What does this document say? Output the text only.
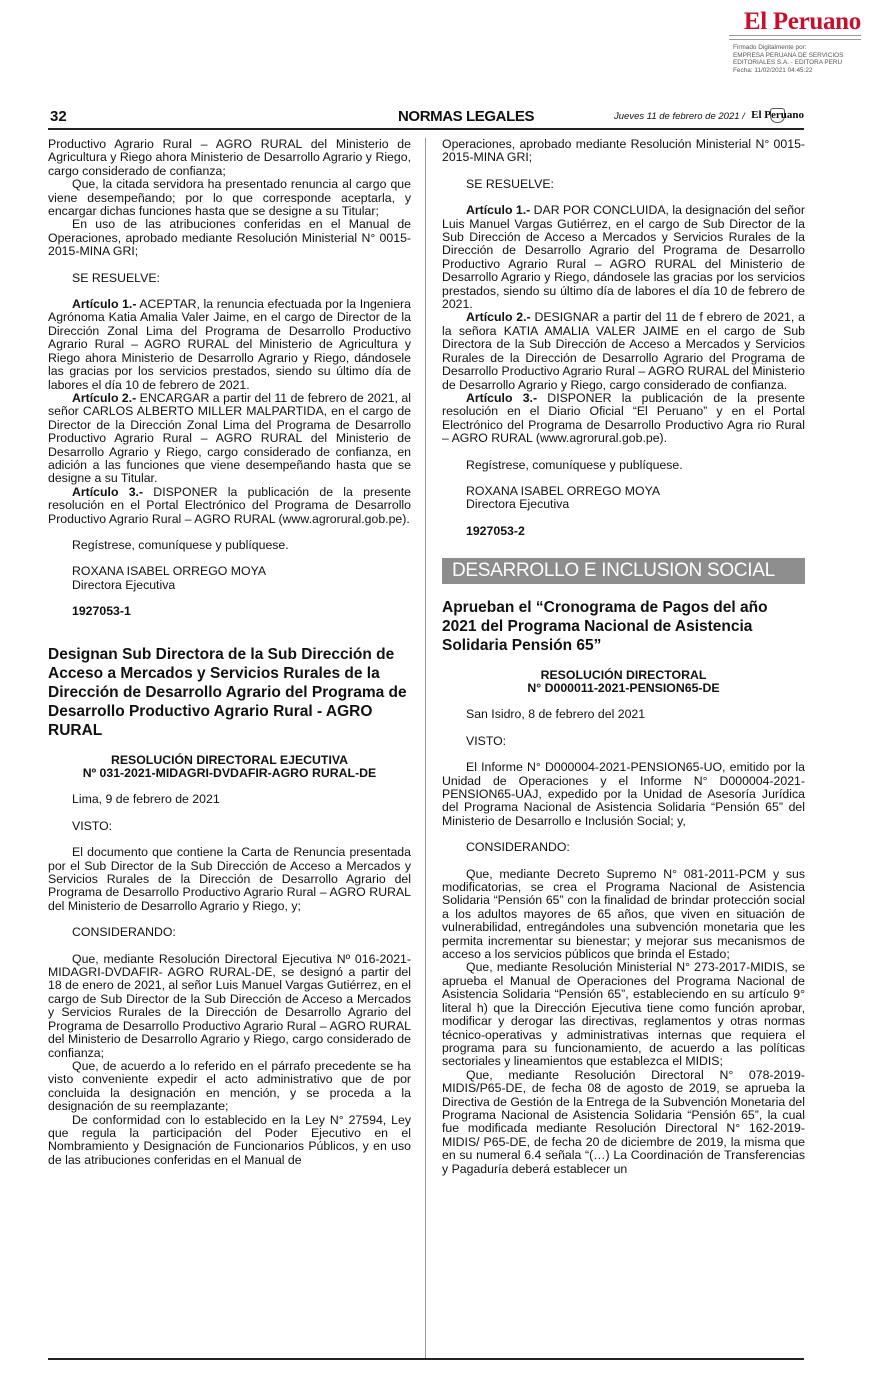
El Peruano
Firmado Digitalmente por:
EMPRESA PERUANA DE SERVICIOS
EDITORIALES S.A. - EDITORA PERU
Fecha: 11/02/2021 04:45:22
32	NORMAS LEGALES	Jueves 11 de febrero de 2021 / El Peruano

Productivo Agrario Rural – AGRO RURAL del Ministerio de Agricultura y Riego ahora Ministerio de Desarrollo Agrario y Riego, cargo considerado de confianza;

Que, la citada servidora ha presentado renuncia al cargo que viene desempeñando; por lo que corresponde aceptarla, y encargar dichas funciones hasta que se designe a su Titular;

En uso de las atribuciones conferidas en el Manual de Operaciones, aprobado mediante Resolución Ministerial N° 0015-2015-MINA GRI;

SE RESUELVE:

Artículo 1.- ACEPTAR, la renuncia efectuada por la Ingeniera Agrónoma Katia Amalia Valer Jaime, en el cargo de Director de la Dirección Zonal Lima del Programa de Desarrollo Productivo Agrario Rural – AGRO RURAL del Ministerio de Agricultura y Riego ahora Ministerio de Desarrollo Agrario y Riego, dándosele las gracias por los servicios prestados, siendo su último día de labores el día 10 de febrero de 2021.

Artículo 2.- ENCARGAR a partir del 11 de febrero de 2021, al señor CARLOS ALBERTO MILLER MALPARTIDA, en el cargo de Director de la Dirección Zonal Lima del Programa de Desarrollo Productivo Agrario Rural – AGRO RURAL del Ministerio de Desarrollo Agrario y Riego, cargo considerado de confianza, en adición a las funciones que viene desempeñando hasta que se designe a su Titular.

Artículo 3.- DISPONER la publicación de la presente resolución en el Portal Electrónico del Programa de Desarrollo Productivo Agrario Rural – AGRO RURAL (www.agrorural.gob.pe).

Regístrese, comuníquese y publíquese.

ROXANA ISABEL ORREGO MOYA

Directora Ejecutiva

1927053-1

Designan Sub Directora de la Sub Dirección de Acceso a Mercados y Servicios Rurales de la Dirección de Desarrollo Agrario del Programa de Desarrollo Productivo Agrario Rural - AGRO RURAL

RESOLUCIÓN DIRECTORAL EJECUTIVA

Nº 031-2021-MIDAGRI-DVDAFIR-AGRO RURAL-DE

Lima, 9 de febrero de 2021

VISTO:

El documento que contiene la Carta de Renuncia presentada por el Sub Director de la Sub Dirección de Acceso a Mercados y Servicios Rurales de la Dirección de Desarrollo Agrario del Programa de Desarrollo Productivo Agrario Rural – AGRO RURAL del Ministerio de Desarrollo Agrario y Riego, y;

CONSIDERANDO:

Que, mediante Resolución Directoral Ejecutiva Nº 016-2021-MIDAGRI-DVDAFIR- AGRO RURAL-DE, se designó a partir del 18 de enero de 2021, al señor Luis Manuel Vargas Gutiérrez, en el cargo de Sub Director de la Sub Dirección de Acceso a Mercados y Servicios Rurales de la Dirección de Desarrollo Agrario del Programa de Desarrollo Productivo Agrario Rural – AGRO RURAL del Ministerio de Desarrollo Agrario y Riego, cargo considerado de confianza;

Que, de acuerdo a lo referido en el párrafo precedente se ha visto conveniente expedir el acto administrativo que de por concluida la designación en mención, y se proceda a la designación de su reemplazante;

De conformidad con lo establecido en la Ley N° 27594, Ley que regula la participación del Poder Ejecutivo en el Nombramiento y Designación de Funcionarios Públicos, y en uso de las atribuciones conferidas en el Manual de

Operaciones, aprobado mediante Resolución Ministerial N° 0015-2015-MINA GRI;

SE RESUELVE:

Artículo 1.- DAR POR CONCLUIDA, la designación del señor Luis Manuel Vargas Gutiérrez, en el cargo de Sub Director de la Sub Dirección de Acceso a Mercados y Servicios Rurales de la Dirección de Desarrollo Agrario del Programa de Desarrollo Productivo Agrario Rural – AGRO RURAL del Ministerio de Desarrollo Agrario y Riego, dándosele las gracias por los servicios prestados, siendo su último día de labores el día 10 de febrero de 2021.

Artículo 2.- DESIGNAR a partir del 11 de f ebrero de 2021, a la señora KATIA AMALIA VALER JAIME en el cargo de Sub Directora de la Sub Dirección de Acceso a Mercados y Servicios Rurales de la Dirección de Desarrollo Agrario del Programa de Desarrollo Productivo Agrario Rural – AGRO RURAL del Ministerio de Desarrollo Agrario y Riego, cargo considerado de confianza.

Artículo 3.- DISPONER la publicación de la presente resolución en el Diario Oficial “El Peruano” y en el Portal Electrónico del Programa de Desarrollo Productivo Agra rio Rural – AGRO RURAL (www.agrorural.gob.pe).

Regístrese, comuníquese y publíquese.

ROXANA ISABEL ORREGO MOYA

Directora Ejecutiva

1927053-2

DESARROLLO E INCLUSION SOCIAL

Aprueban el “Cronograma de Pagos del año 2021 del Programa Nacional de Asistencia Solidaria Pensión 65”

RESOLUCIÓN DIRECTORAL

N° D000011-2021-PENSION65-DE

San Isidro, 8 de febrero del 2021

VISTO:

El Informe N° D000004-2021-PENSION65-UO, emitido por la Unidad de Operaciones y el Informe N° D000004-2021-PENSION65-UAJ, expedido por la Unidad de Asesoría Jurídica del Programa Nacional de Asistencia Solidaria “Pensión 65” del Ministerio de Desarrollo e Inclusión Social; y,

CONSIDERANDO:

Que, mediante Decreto Supremo N° 081-2011-PCM y sus modificatorias, se crea el Programa Nacional de Asistencia Solidaria “Pensión 65” con la finalidad de brindar protección social a los adultos mayores de 65 años, que viven en situación de vulnerabilidad, entregándoles una subvención monetaria que les permita incrementar su bienestar; y mejorar sus mecanismos de acceso a los servicios públicos que brinda el Estado;

Que, mediante Resolución Ministerial N° 273-2017-MIDIS, se aprueba el Manual de Operaciones del Programa Nacional de Asistencia Solidaria “Pensión 65”, estableciendo en su artículo 9° literal h) que la Dirección Ejecutiva tiene como función aprobar, modificar y derogar las directivas, reglamentos y otras normas técnico-operativas y administrativas internas que requiera el programa para su funcionamiento, de acuerdo a las políticas sectoriales y lineamientos que establezca el MIDIS;

Que, mediante Resolución Directoral N° 078-2019-MIDIS/P65-DE, de fecha 08 de agosto de 2019, se aprueba la Directiva de Gestión de la Entrega de la Subvención Monetaria del Programa Nacional de Asistencia Solidaria “Pensión 65”, la cual fue modificada mediante Resolución Directoral N° 162-2019-MIDIS/ P65-DE, de fecha 20 de diciembre de 2019, la misma que en su numeral 6.4 señala “(…) La Coordinación de Transferencias y Pagaduría deberá establecer un
